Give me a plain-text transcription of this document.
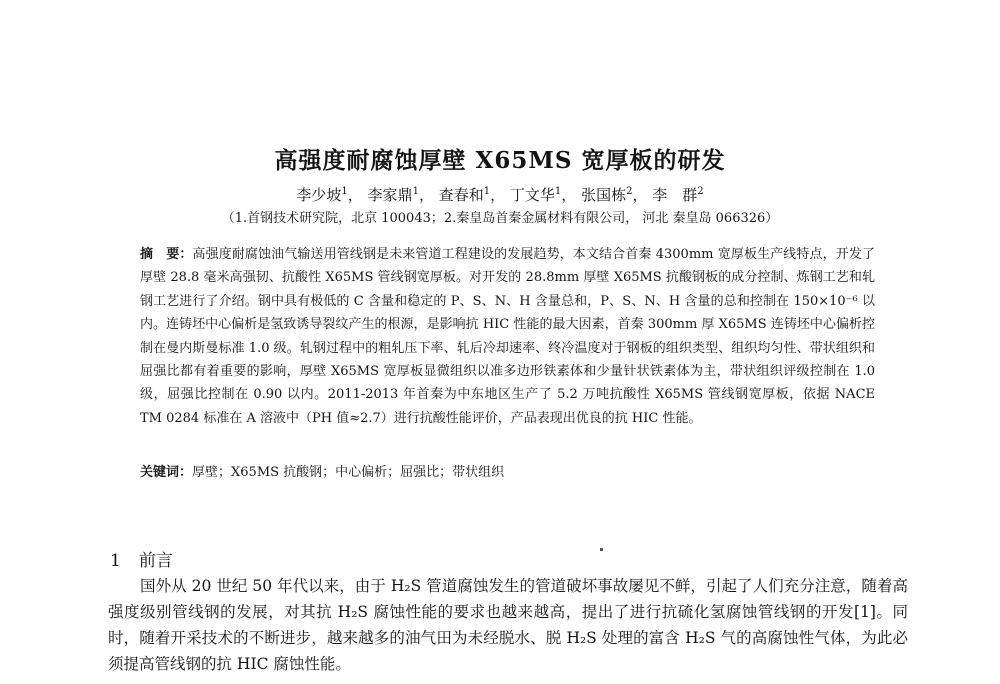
高强度耐腐蚀厚壁 X65MS 宽厚板的研发
李少坡$^1$， 李家鼎$^1$， 查春和$^1$， 丁文华$^1$， 张国栋$^2$， 李　群$^2$
（1.首钢技术研究院，北京 100043；2.秦皇岛首秦金属材料有限公司， 河北 秦皇岛 066326）
摘　要：高强度耐腐蚀油气输送用管线钢是未来管道工程建设的发展趋势，本文结合首秦 4300mm 宽厚板生产线特点，开发了厚壁 28.8 毫米高强韧、抗酸性 X65MS 管线钢宽厚板。对开发的 28.8mm 厚壁 X65MS 抗酸钢板的成分控制、炼钢工艺和轧钢工艺进行了介绍。钢中具有极低的 C 含量和稳定的 P、S、N、H 含量总和，P、S、N、H 含量的总和控制在 150×10⁻⁶ 以内。连铸坯中心偏析是氢致诱导裂纹产生的根源，是影响抗 HIC 性能的最大因素，首秦 300mm 厚 X65MS 连铸坯中心偏析控制在曼内斯曼标准 1.0 级。轧钢过程中的粗轧压下率、轧后冷却速率、终冷温度对于钢板的组织类型、组织均匀性、带状组织和屈强比都有着重要的影响，厚壁 X65MS 宽厚板显微组织以准多边形铁素体和少量针状铁素体为主，带状组织评级控制在 1.0 级，屈强比控制在 0.90 以内。2011-2013 年首秦为中东地区生产了 5.2 万吨抗酸性 X65MS 管线钢宽厚板，依据 NACE TM 0284 标准在 A 溶液中（PH 值≈2.7）进行抗酸性能评价，产品表现出优良的抗 HIC 性能。
关键词：厚壁；X65MS 抗酸钢；中心偏析；屈强比；带状组织
1 前言
国外从 20 世纪 50 年代以来，由于 H₂S 管道腐蚀发生的管道破坏事故屡见不鲜，引起了人们充分注意，随着高强度级别管线钢的发展，对其抗 H₂S 腐蚀性能的要求也越来越高，提出了进行抗硫化氢腐蚀管线钢的开发[1]。同时，随着开采技术的不断进步，越来越多的油气田为未经脱水、脱 H₂S 处理的富含 H₂S 气的高腐蚀性气体，为此必须提高管线钢的抗 HIC 腐蚀性能。
